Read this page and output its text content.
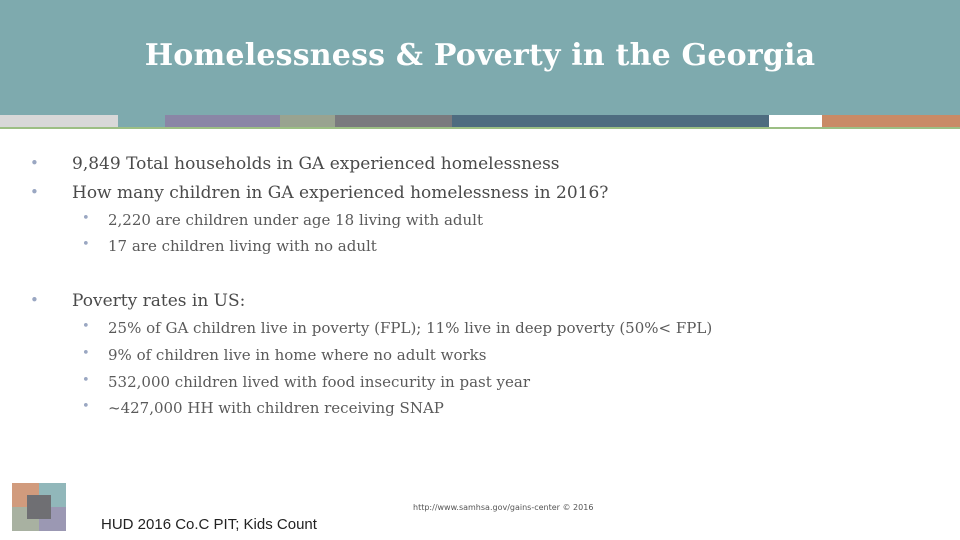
Homelessness & Poverty in the Georgia
• 9,849 Total households in GA experienced homelessness
• How many children in GA experienced homelessness in 2016?
• 2,220 are children under age 18 living with adult
• 17 are children living with no adult
• Poverty rates in US:
• 25% of GA children live in poverty (FPL); 11% live in deep poverty (50%< FPL)
• 9% of children live in home where no adult works
• 532,000 children lived with food insecurity in past year
• ~427,000 HH with children receiving SNAP
http://www.samhsa.gov/gains-center © 2016
HUD 2016 Co.C PIT; Kids Count
